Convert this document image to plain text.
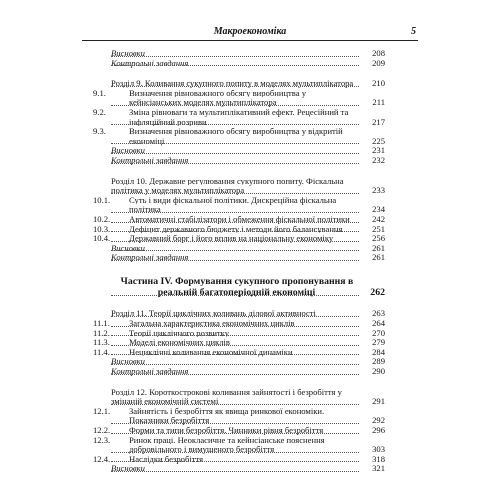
Макроекономіка	5
Висновки	208
Контрольні завдання	209
Розділ 9. Коливання сукупного попиту в моделях мультиплікатора	210
9.1.	Визначення рівноважного обсягу виробництва у кейнсіанських моделях мультиплікатора	211
9.2.	Зміна рівноваги та мультиплікативний ефект. Рецесійний та інфляційний розриви	217
9.3.	Визначення рівноважного обсягу виробництва у відкритій економіці	225
Висновки	231
Контрольні завдання	232
Розділ 10. Державне регулювання сукупного попиту. Фіскальна політика у моделях мультиплікатора	233
10.1. Суть і види фіскальної політики. Дискреційна фіскальна політика	234
10.2. Автоматичні стабілізатори і обмеження фіскальної політики	242
10.3. Дефіцит державного бюджету і методи його балансування	251
10.4. Державний борг і його вплив на національну економіку	256
Висновки	261
Контрольні завдання	261
Частина IV. Формування сукупного пропонування в реальній багатоперіодній економіці	262
Розділ 11. Теорії циклічних коливань ділової активності	263
11.1. Загальна характеристика економічних циклів	264
11.2. Теорії циклічного розвитку	270
11.3. Моделі економічних циклів	279
11.4. Нециклічні коливання економічної динаміки	284
Висновки	289
Контрольні завдання	290
Розділ 12. Короткострокові коливання зайнятості і безробіття у змінаній економічній системі	291
12.1. Зайнятість і безробіття як явища ринкової економіки. Показники безробіття	292
12.2. Форми та типи безробіття. Чинники рівня безробіття	296
12.3. Ринок праці. Неокласичне та кейнсіанське пояснення добровільного і вимушеного безробіття	303
12.4. Наслідки безробіття	318
Висновки	321
